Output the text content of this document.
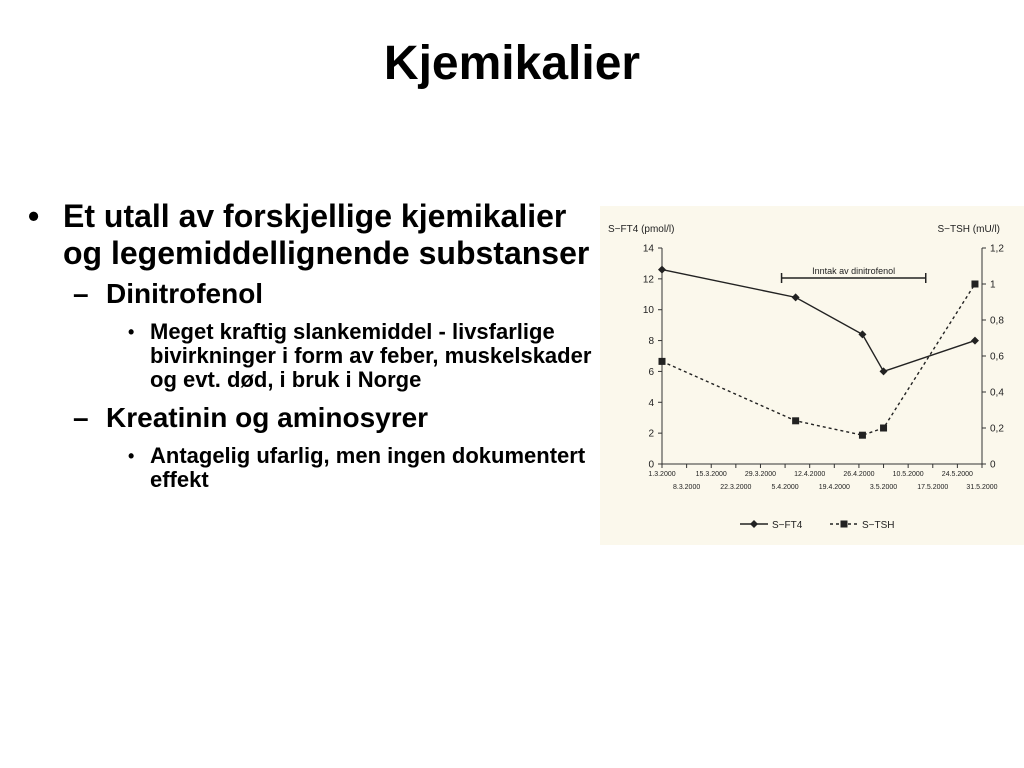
Kjemikalier
• Et utall av forskjellige kjemikalier og legemiddellignende substanser
– Dinitrofenol
• Meget kraftig slankemiddel - livsfarlige bivirkninger i form av feber, muskelskader og evt. død, i bruk i Norge
– Kreatinin og aminosyrer
• Antagelig ufarlig, men ingen dokumentert effekt
S−FT4 (pmol/l)	S−TSH (mU/l)
0
2
4
6
8
10
12
14
0
0,2
0,4
0,6
0,8
1
1,2
1.3.2000	15.3.2000	29.3.2000	12.4.2000	26.4.2000	10.5.2000	24.5.2000
8.3.2000	22.3.2000	5.4.2000	19.4.2000	3.5.2000	17.5.2000	31.5.2000
Inntak av dinitrofenol
S−FT4	S−TSH
